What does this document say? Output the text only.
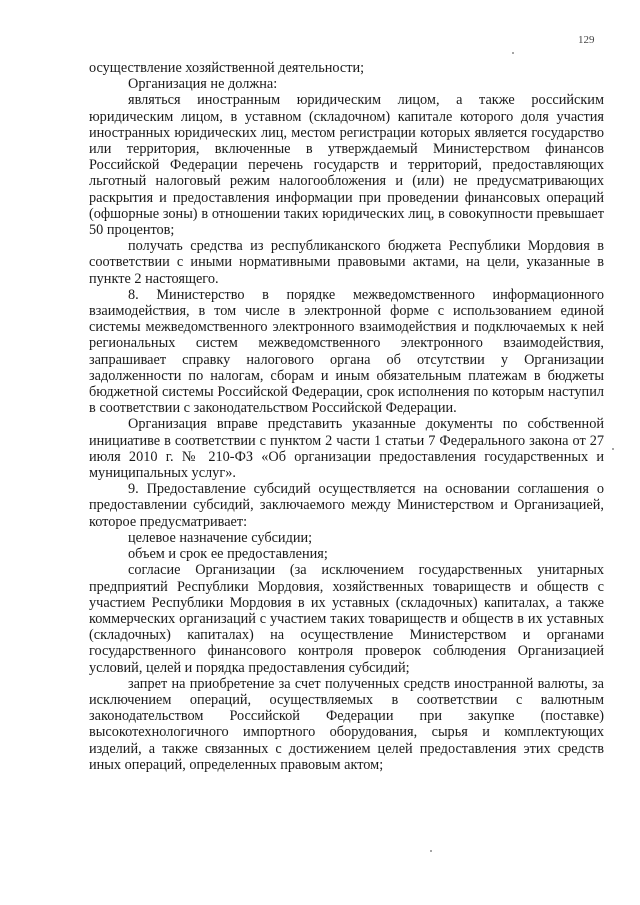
129

осуществление хозяйственной деятельности;

Организация не должна:

являться иностранным юридическим лицом, а также российским юридическим лицом, в уставном (складочном) капитале которого доля участия иностранных юридических лиц, местом регистрации которых является государство или территория, включенные в утверждаемый Министерством финансов Российской Федерации перечень государств и территорий, предоставляющих льготный налоговый режим налогообложения и (или) не предусматривающих раскрытия и предоставления информации при проведении финансовых операций (офшорные зоны) в отношении таких юридических лиц, в совокупности превышает 50 процентов;

получать средства из республиканского бюджета Республики Мордовия в соответствии с иными нормативными правовыми актами, на цели, указанные в пункте 2 настоящего.

8. Министерство в порядке межведомственного информационного взаимодействия, в том числе в электронной форме с использованием единой системы межведомственного электронного взаимодействия и подключаемых к ней региональных систем межведомственного электронного взаимодействия, запрашивает справку налогового органа об отсутствии у Организации задолженности по налогам, сборам и иным обязательным платежам в бюджеты бюджетной системы Российской Федерации, срок исполнения по которым наступил в соответствии с законодательством Российской Федерации.

Организация вправе представить указанные документы по собственной инициативе в соответствии с пунктом 2 части 1 статьи 7 Федерального закона от 27 июля 2010 г. № 210-ФЗ «Об организации предоставления государственных и муниципальных услуг».

9. Предоставление субсидий осуществляется на основании соглашения о предоставлении субсидий, заключаемого между Министерством и Организацией, которое предусматривает:

целевое назначение субсидии;

объем и срок ее предоставления;

согласие Организации (за исключением государственных унитарных предприятий Республики Мордовия, хозяйственных товариществ и обществ с участием Республики Мордовия в их уставных (складочных) капиталах, а также коммерческих организаций с участием таких товариществ и обществ в их уставных (складочных) капиталах) на осуществление Министерством и органами государственного финансового контроля проверок соблюдения Организацией условий, целей и порядка предоставления субсидий;

запрет на приобретение за счет полученных средств иностранной валюты, за исключением операций, осуществляемых в соответствии с валютным законодательством Российской Федерации при закупке (поставке) высокотехнологичного импортного оборудования, сырья и комплектующих изделий, а также связанных с достижением целей предоставления этих средств иных операций, определенных правовым актом;
